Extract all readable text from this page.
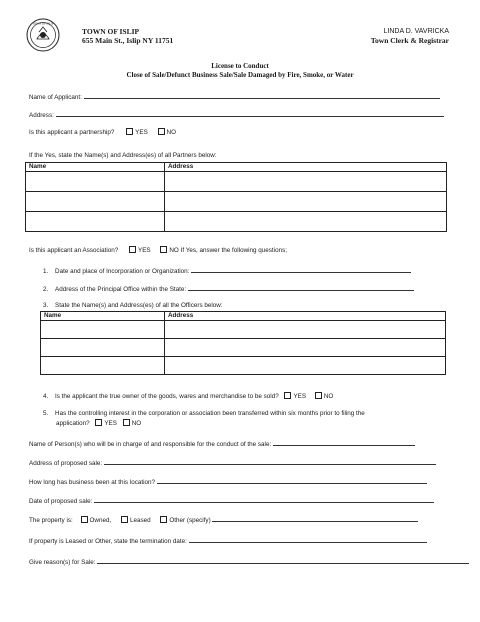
TOWN OF ISLIP
TOWN OF ISLIP
655 Main St., Islip NY 11751
LINDA D. VAVRICKA
Town Clerk & Registrar
License to Conduct
Close of Sale/Defunct Business Sale/Sale Damaged by Fire, Smoke, or Water
Name of Applicant:
Address:
Is this applicant a partnership?	YES	NO
If the Yes, state the Name(s) and Address(es) of all Partners below:
Name	Address

Is this applicant an Association?	YES	NO If Yes, answer the following questions;
1. Date and place of Incorporation or Organization:
2. Address of the Principal Office within the State:
3. State the Name(s) and Address(es) of all the Officers below:
Name	Address

4. Is the applicant the true owner of the goods, wares and merchandise to be sold? YES	NO
5. Has the controlling interest in the corporation or association been transferred within six months prior to filing the
application? YES NO
Name of Person(s) who will be in charge of and responsible for the conduct of the sale:
Address of proposed sale:
How long has business been at this location?
Date of proposed sale:
The property is:	Owned,	Leased	Other (specify)
If property is Leased or Other, state the termination date:
Give reason(s) for Sale:
